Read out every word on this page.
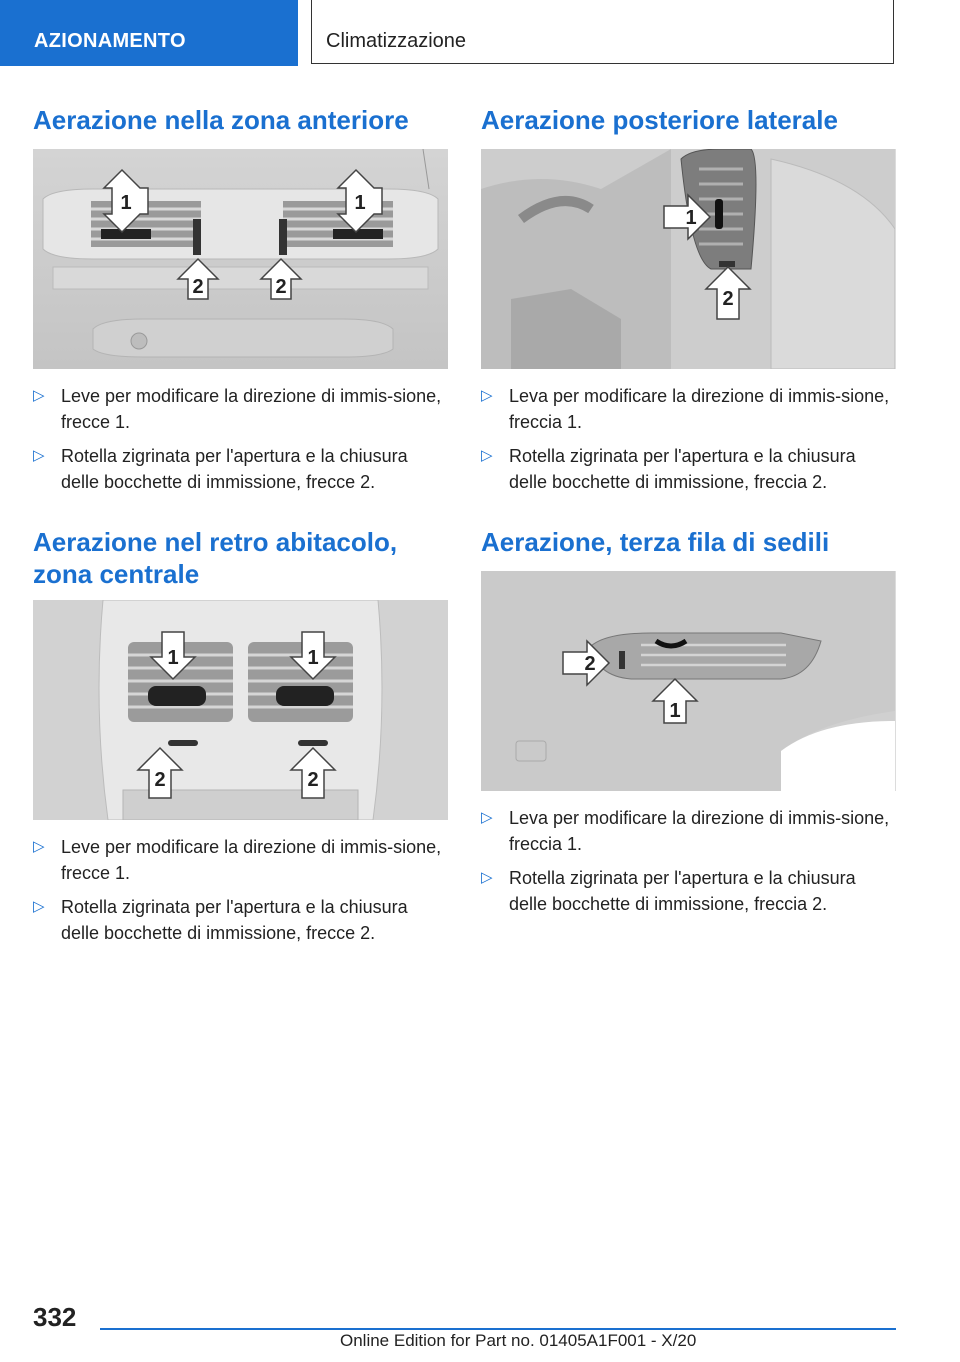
AZIONAMENTO	Climatizzazione
Aerazione nella zona anteriore
1	1
2	2
▷ Leve per modificare la direzione di immis-sione, frecce 1.
▷ Rotella zigrinata per l'apertura e la chiusura delle bocchette di immissione, frecce 2.
Aerazione nel retro abitacolo,
zona centrale
1	1
2	2
▷ Leve per modificare la direzione di immis-sione, frecce 1.
▷ Rotella zigrinata per l'apertura e la chiusura delle bocchette di immissione, frecce 2.
Aerazione posteriore laterale
1
2
▷ Leva per modificare la direzione di immis-sione, freccia 1.
▷ Rotella zigrinata per l'apertura e la chiusura delle bocchette di immissione, freccia 2.
Aerazione, terza fila di sedili
2
1
▷ Leva per modificare la direzione di immis-sione, freccia 1.
▷ Rotella zigrinata per l'apertura e la chiusura delle bocchette di immissione, freccia 2.
332
Online Edition for Part no. 01405A1F001 - X/20
